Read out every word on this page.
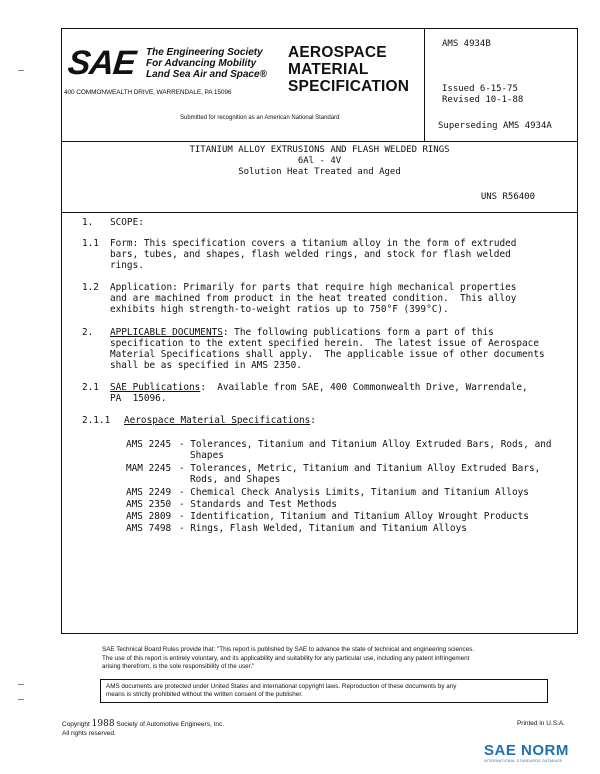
SAE The Engineering Society
For Advancing Mobility
Land Sea Air and Space®
400 COMMONWEALTH DRIVE, WARRENDALE, PA 15096
AEROSPACE
MATERIAL
SPECIFICATION
Submitted for recognition as an American National Standard
AMS 4934B
Issued 6-15-75
Revised 10-1-88
Superseding AMS 4934A
TITANIUM ALLOY EXTRUSIONS AND FLASH WELDED RINGS
6Al - 4V
Solution Heat Treated and Aged
UNS R56400
1. SCOPE:
1.1 Form: This specification covers a titanium alloy in the form of extruded
bars, tubes, and shapes, flash welded rings, and stock for flash welded
rings.
1.2 Application: Primarily for parts that require high mechanical properties
and are machined from product in the heat treated condition.  This alloy
exhibits high strength-to-weight ratios up to 750°F (399°C).
2. APPLICABLE DOCUMENTS: The following publications form a part of this
specification to the extent specified herein.  The latest issue of Aerospace
Material Specifications shall apply.  The applicable issue of other documents
shall be as specified in AMS 2350.
2.1 SAE Publications:  Available from SAE, 400 Commonwealth Drive, Warrendale,
PA  15096.
2.1.1 Aerospace Material Specifications:
AMS 2245 - Tolerances, Titanium and Titanium Alloy Extruded Bars, Rods, and
Shapes
MAM 2245 - Tolerances, Metric, Titanium and Titanium Alloy Extruded Bars,
Rods, and Shapes
AMS 2249 - Chemical Check Analysis Limits, Titanium and Titanium Alloys
AMS 2350 - Standards and Test Methods
AMS 2809 - Identification, Titanium and Titanium Alloy Wrought Products
AMS 7498 - Rings, Flash Welded, Titanium and Titanium Alloys
SAE Technical Board Rules provide that: "This report is published by SAE to advance the state of technical and engineering sciences.
The use of this report is entirely voluntary, and its applicability and suitability for any particular use, including any patent infringement
arising therefrom, is the sole responsibility of the user."
AMS documents are protected under United States and international copyright laws. Reproduction of these documents by any
means is strictly prohibited without the written consent of the publisher.
Copyright 1988 Society of Automotive Engineers, Inc.
All rights reserved.
Printed in U.S.A.
SAE NORM
INTERNATIONAL STANDARDS DATABASE
